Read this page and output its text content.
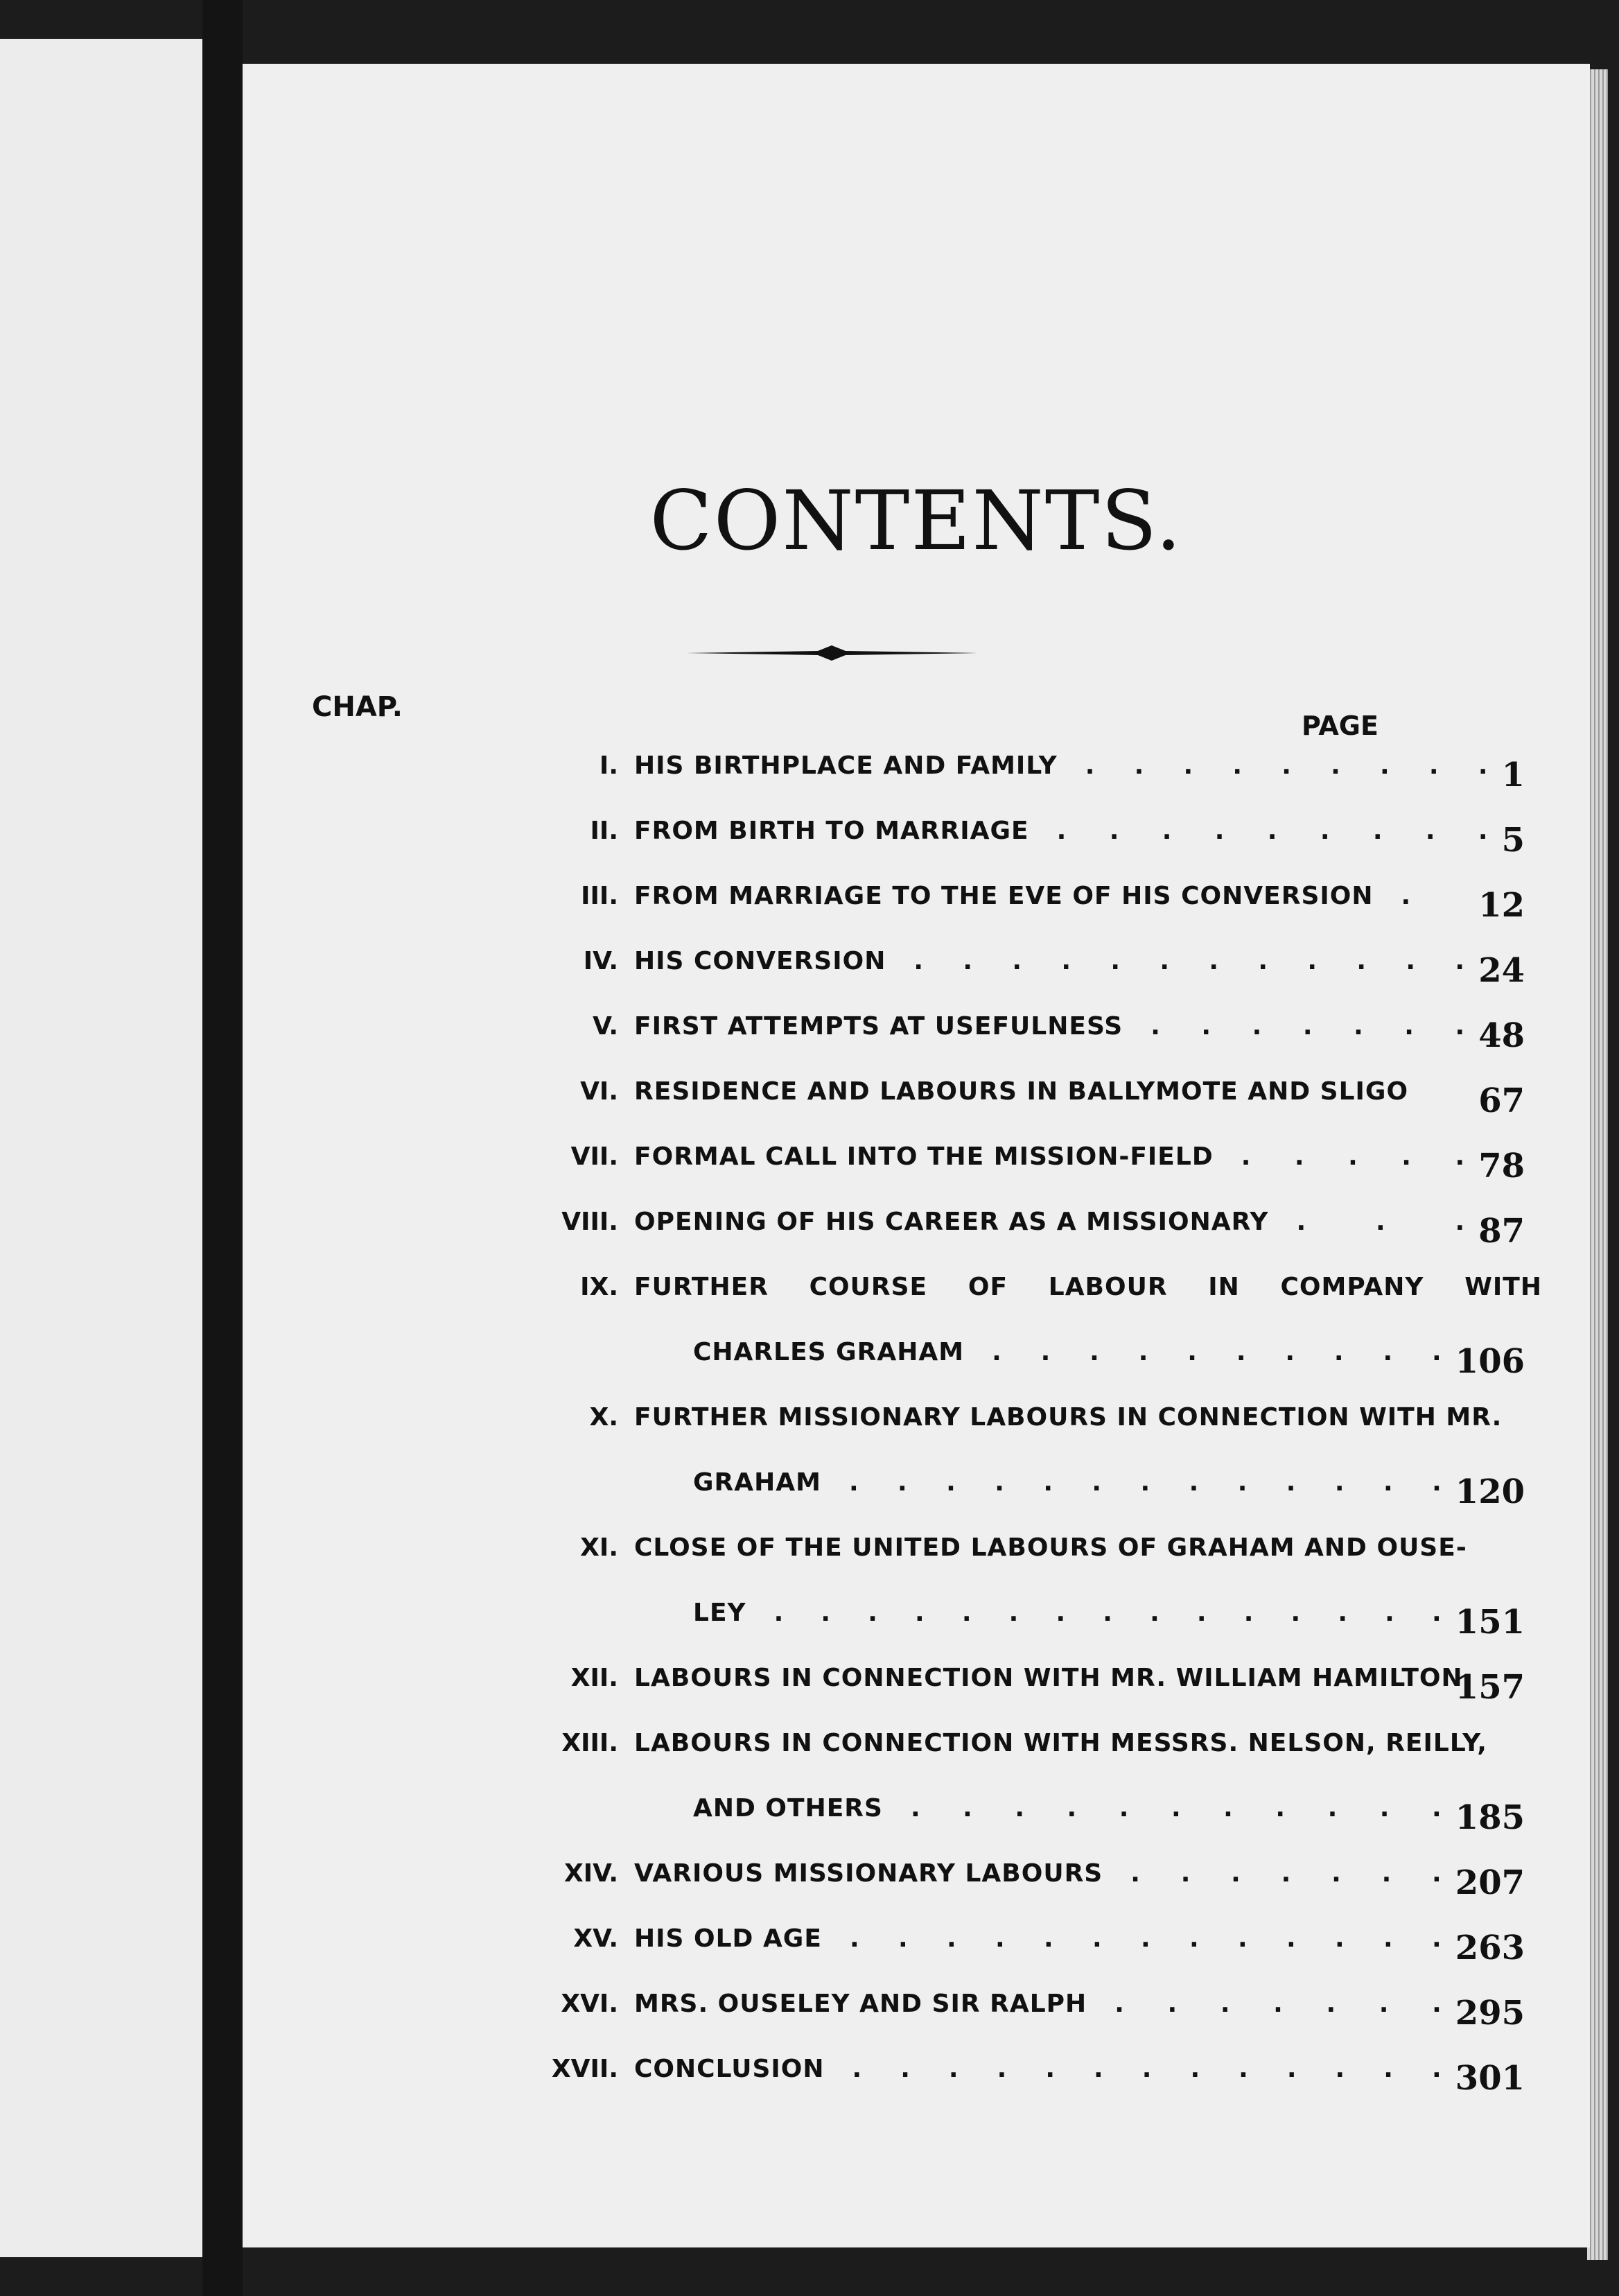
CONTENTS.
CHAP.
PAGE
I. HIS BIRTHPLACE AND FAMILY . . . . . . . . . 1
II. FROM BIRTH TO MARRIAGE . . . . . . . . . 5
III. FROM MARRIAGE TO THE EVE OF HIS CONVERSION . 12
IV. HIS CONVERSION . . . . . . . . . . . . 24
V. FIRST ATTEMPTS AT USEFULNESS . . . . . . . 48
VI. RESIDENCE AND LABOURS IN BALLYMOTE AND SLIGO 67
VII. FORMAL CALL INTO THE MISSION-FIELD . . . . . 78
VIII. OPENING OF HIS CAREER AS A MISSIONARY .	.	. 87
IX. FURTHER COURSE OF LABOUR IN COMPANY WITH
CHARLES GRAHAM . . . . . . . . . . 106
X. FURTHER MISSIONARY LABOURS IN CONNECTION WITH MR.
GRAHAM . . . . . . . . . . . . . 120
XI. CLOSE OF THE UNITED LABOURS OF GRAHAM AND OUSE-
LEY . . . . . . . . . . . . . . . 151
XII. LABOURS IN CONNECTION WITH MR. WILLIAM HAMILTON.
157
XIII. LABOURS IN CONNECTION WITH MESSRS. NELSON, REILLY,
AND OTHERS . . . . . . . . . . . 185
XIV. VARIOUS MISSIONARY LABOURS . . . . . . . 207
XV. HIS OLD AGE . . . . . . . . . . . . . 263
XVI. MRS. OUSELEY AND SIR RALPH . . . . . . . 295
XVII. CONCLUSION . . . . . . . . . . . . . 301
